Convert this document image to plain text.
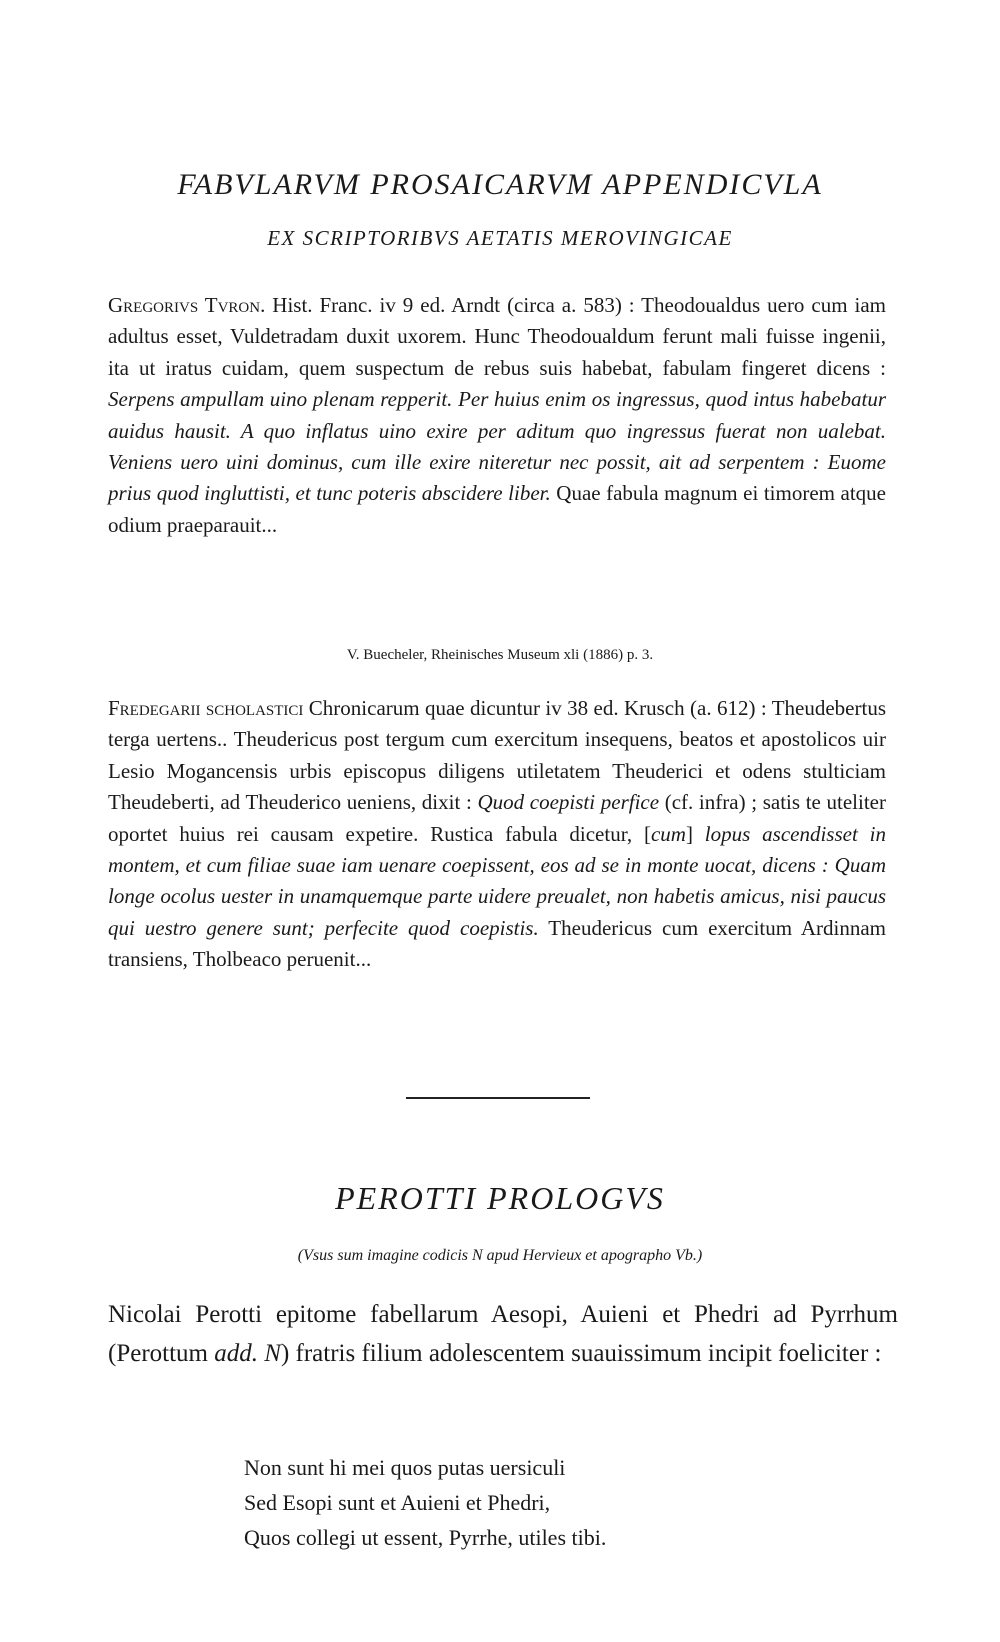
FABVLARVM PROSAICARVM APPENDICVLA
EX SCRIPTORIBVS AETATIS MEROVINGICAE
Gregorivs Tvron. Hist. Franc. iv 9 ed. Arndt (circa a. 583) : Theodoualdus uero cum iam adultus esset, Vuldetradam duxit uxorem. Hunc Theodoualdum ferunt mali fuisse ingenii, ita ut iratus cuidam, quem suspectum de rebus suis habebat, fabulam fingeret dicens : Serpens ampullam uino plenam repperit. Per huius enim os ingressus, quod intus habebatur auidus hausit. A quo inflatus uino exire per aditum quo ingressus fuerat non ualebat. Veniens uero uini dominus, cum ille exire niteretur nec possit, ait ad serpentem : Euome prius quod ingluttisti, et tunc poteris abscidere liber. Quae fabula magnum ei timorem atque odium praeparauit...
V. Buecheler, Rheinisches Museum xli (1886) p. 3.
Fredegarii scholastici Chronicarum quae dicuntur iv 38 ed. Krusch (a. 612) : Theudebertus terga uertens.. Theudericus post tergum cum exercitum insequens, beatos et apostolicos uir Lesio Mogancensis urbis episcopus diligens utiletatem Theuderici et odens stulticiam Theudeberti, ad Theuderico ueniens, dixit : Quod coepisti perfice (cf. infra) ; satis te uteliter oportet huius rei causam expetire. Rustica fabula dicetur, [cum] lopus ascendisset in montem, et cum filiae suae iam uenare coepissent, eos ad se in monte uocat, dicens : Quam longe ocolus uester in unamquemque parte uidere preualet, non habetis amicus, nisi paucus qui uestro genere sunt; perfecite quod coepistis. Theudericus cum exercitum Ardinnam transiens, Tholbeaco peruenit...
PEROTTI PROLOGVS
(Vsus sum imagine codicis N apud Hervieux et apographo Vb.)
Nicolai Perotti epitome fabellarum Aesopi, Auieni et Phedri ad Pyrrhum (Perottum add. N) fratris filium adolescentem suauissimum incipit foeliciter :
Non sunt hi mei quos putas uersiculi
Sed Esopi sunt et Auieni et Phedri,
Quos collegi ut essent, Pyrrhe, utiles tibi.
